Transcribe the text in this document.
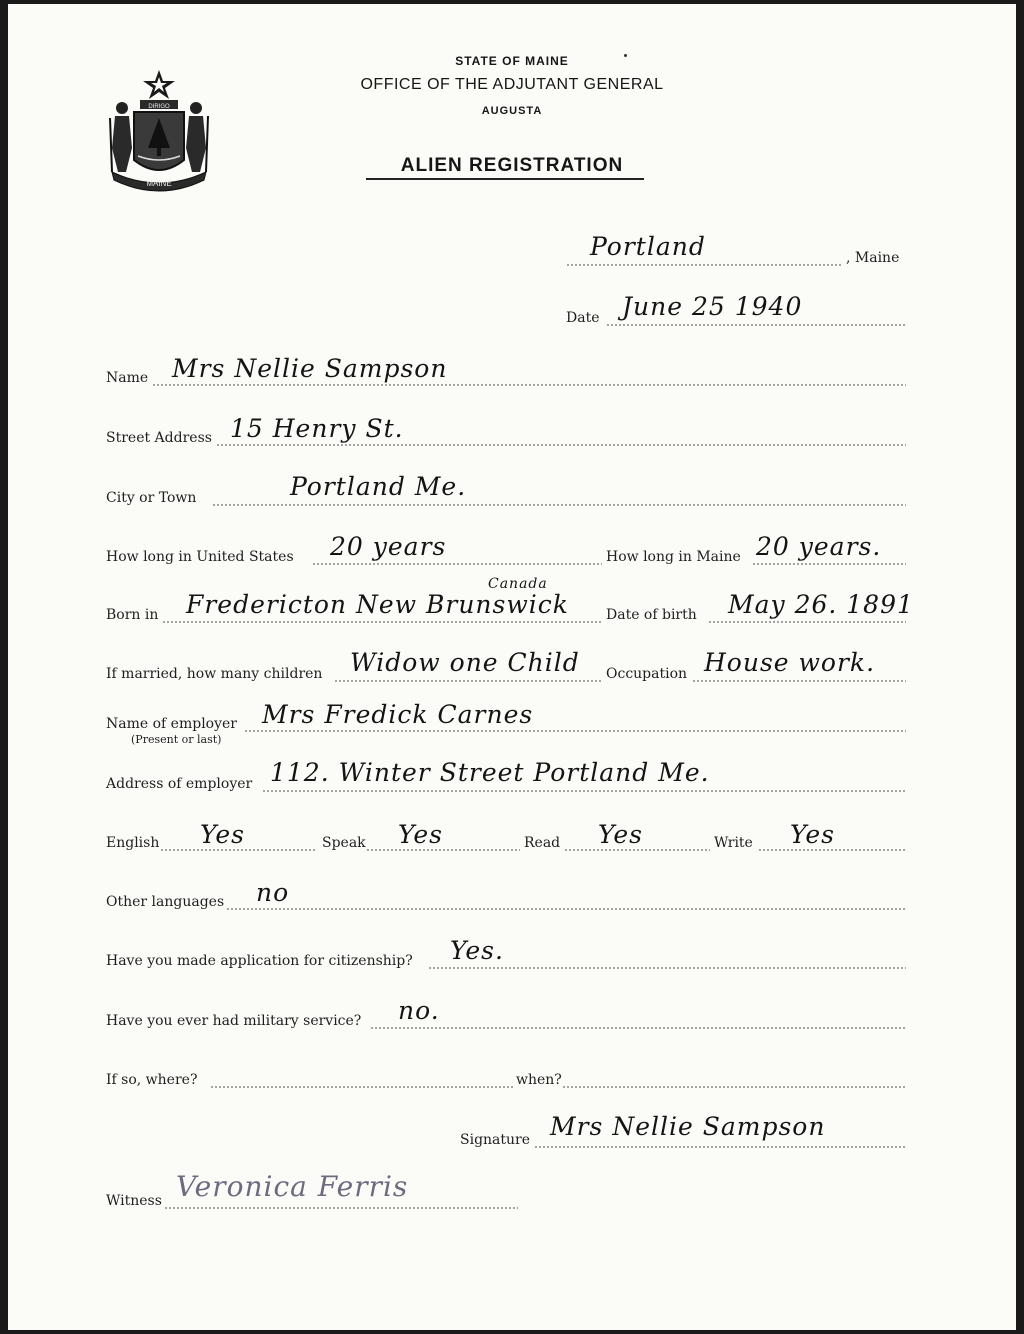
MAINE
DIRIGO
STATE OF MAINE
OFFICE OF THE ADJUTANT GENERAL
AUGUSTA
ALIEN REGISTRATION
Portland	, Maine
Date June 25 1940
Name Mrs Nellie Sampson
Street Address 15 Henry St.
City or Town	Portland Me.
How long in United States 20 years	How long in Maine 20 years.
Canada
Born in Fredericton New Brunswick	Date of birth May 26. 1891
If married, how many children Widow one Child Occupation House work.
Name of employer
(Present or last)
Mrs Fredick Carnes
Address of employer 112. Winter Street Portland Me.
English Yes	Speak Yes	Read Yes	Write Yes
Other languages no
Have you made application for citizenship? Yes.
Have you ever had military service? no.
If so, where?	when?
Signature Mrs Nellie Sampson
Witness Veronica Ferris
